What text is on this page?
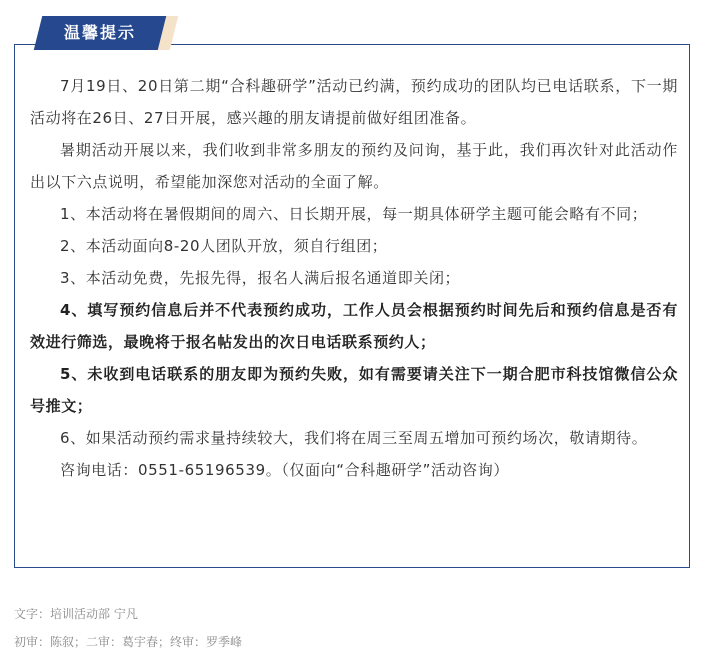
温馨提示

7月19日、20日第二期“合科趣研学”活动已约满，预约成功的团队均已电话联系，下一期活动将在26日、27日开展，感兴趣的朋友请提前做好组团准备。

暑期活动开展以来，我们收到非常多朋友的预约及问询，基于此，我们再次针对此活动作出以下六点说明，希望能加深您对活动的全面了解。

1、本活动将在暑假期间的周六、日长期开展，每一期具体研学主题可能会略有不同；

2、本活动面向8-20人团队开放，须自行组团；

3、本活动免费，先报先得，报名人满后报名通道即关闭；

4、填写预约信息后并不代表预约成功，工作人员会根据预约时间先后和预约信息是否有效进行筛选，最晚将于报名帖发出的次日电话联系预约人；

5、未收到电话联系的朋友即为预约失败，如有需要请关注下一期合肥市科技馆微信公众号推文；

6、如果活动预约需求量持续较大，我们将在周三至周五增加可预约场次，敬请期待。

咨询电话：0551-65196539。（仅面向“合科趣研学”活动咨询）

文字：培训活动部 宁凡
初审：陈叙；二审：葛宇春；终审：罗季峰
